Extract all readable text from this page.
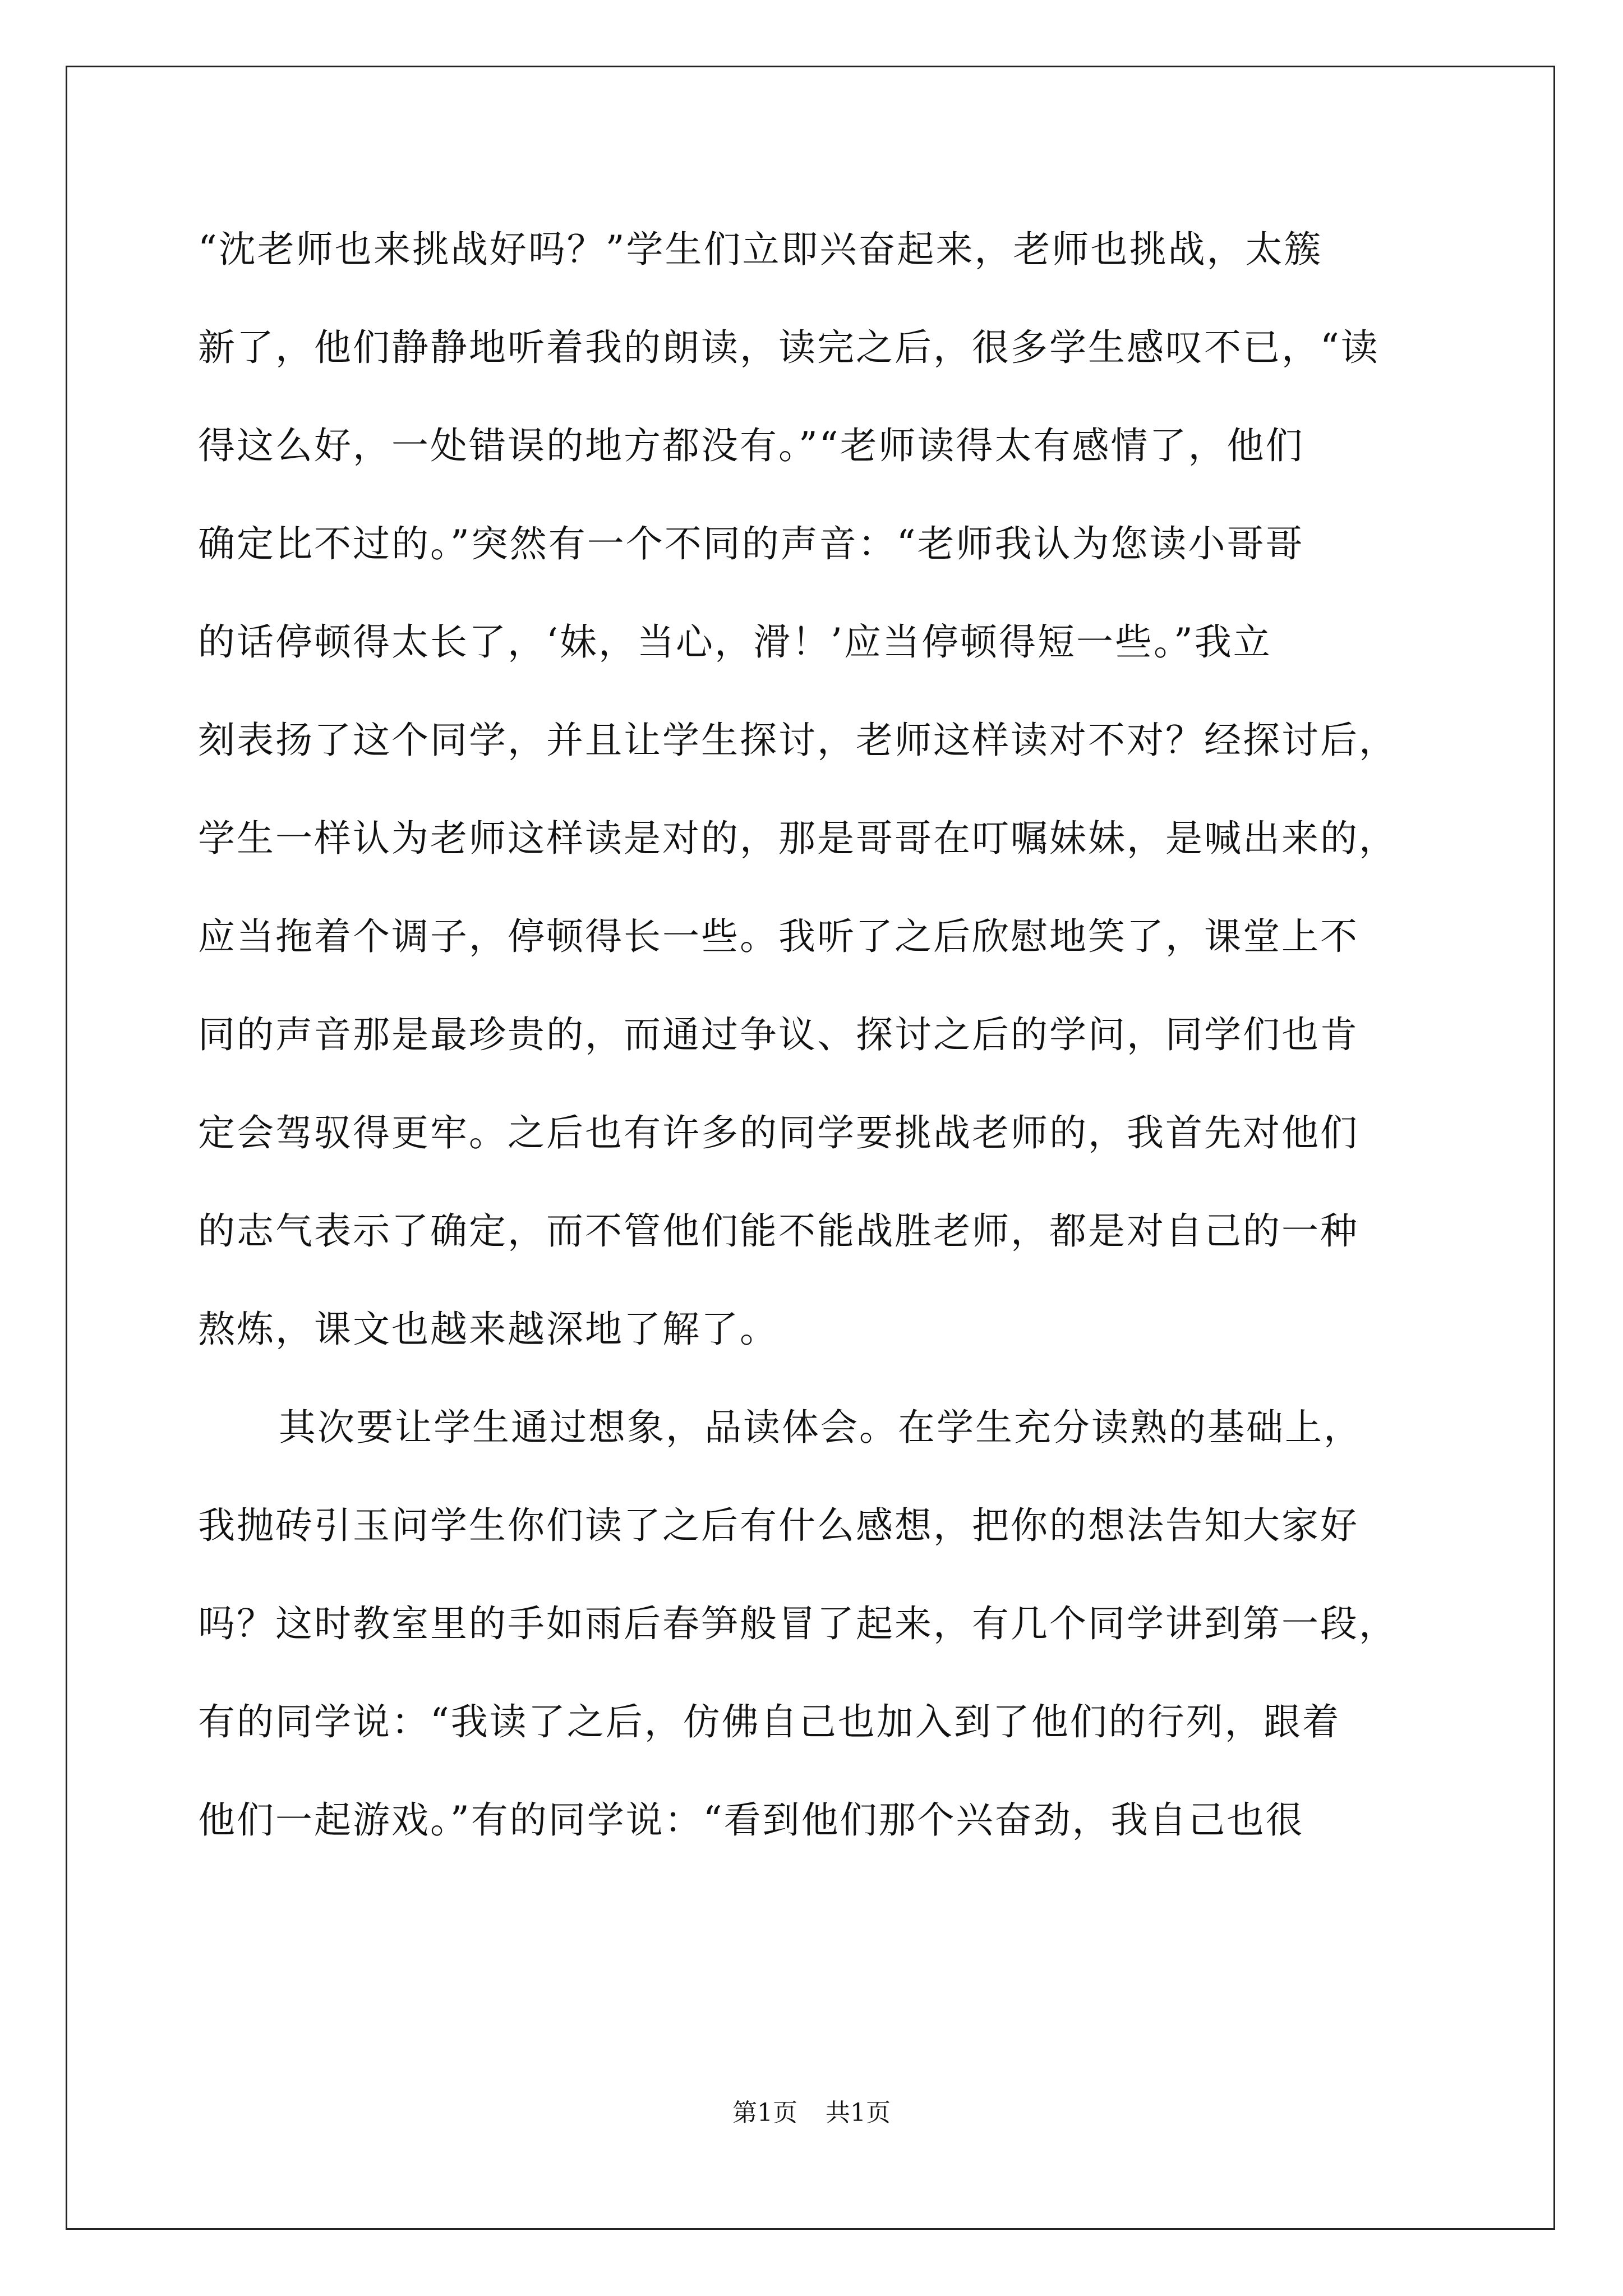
“沈老师也来挑战好吗？”学生们立即兴奋起来，老师也挑战，太簇
新了，他们静静地听着我的朗读，读完之后，很多学生感叹不已，“读
得这么好，一处错误的地方都没有。”“老师读得太有感情了，他们
确定比不过的。”突然有一个不同的声音：“老师我认为您读小哥哥
的话停顿得太长了，‘妹，当心，滑！’应当停顿得短一些。”我立
刻表扬了这个同学，并且让学生探讨，老师这样读对不对？经探讨后，
学生一样认为老师这样读是对的，那是哥哥在叮嘱妹妹，是喊出来的，
应当拖着个调子，停顿得长一些。我听了之后欣慰地笑了，课堂上不
同的声音那是最珍贵的，而通过争议、探讨之后的学问，同学们也肯
定会驾驭得更牢。之后也有许多的同学要挑战老师的，我首先对他们
的志气表示了确定，而不管他们能不能战胜老师，都是对自己的一种
熬炼，课文也越来越深地了解了。
其次要让学生通过想象，品读体会。在学生充分读熟的基础上，
我抛砖引玉问学生你们读了之后有什么感想，把你的想法告知大家好
吗？这时教室里的手如雨后春笋般冒了起来，有几个同学讲到第一段，
有的同学说：“我读了之后，仿佛自己也加入到了他们的行列，跟着
他们一起游戏。”有的同学说：“看到他们那个兴奋劲，我自己也很
第1页 共1页
